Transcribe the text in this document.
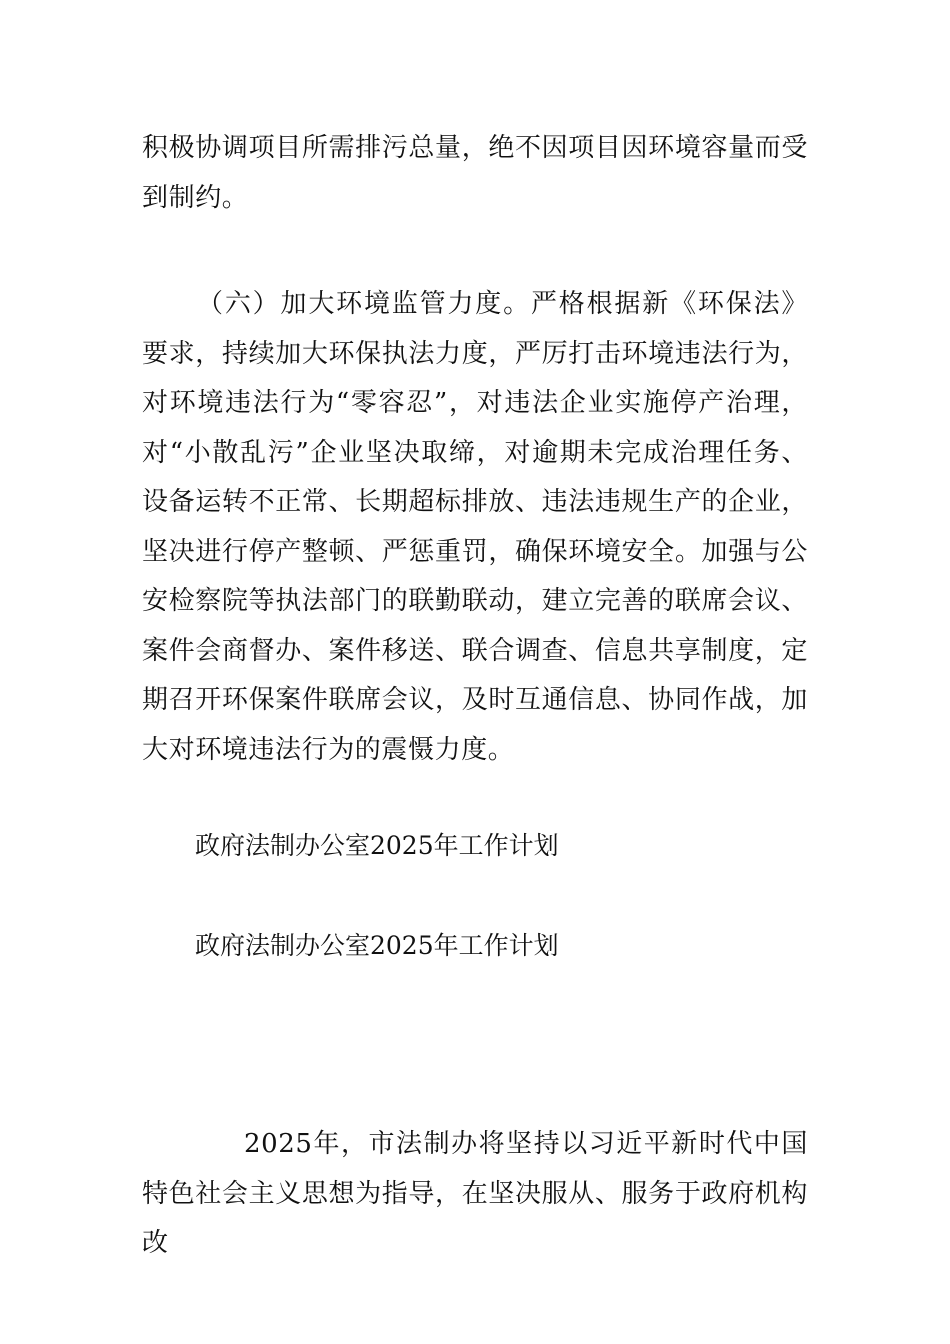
积极协调项目所需排污总量，绝不因项目因环境容量而受到制约。

（六）加大环境监管力度。严格根据新《环保法》要求，持续加大环保执法力度，严厉打击环境违法行为，对环境违法行为“零容忍”，对违法企业实施停产治理，对“小散乱污”企业坚决取缔，对逾期未完成治理任务、设备运转不正常、长期超标排放、违法违规生产的企业，坚决进行停产整顿、严惩重罚，确保环境安全。加强与公安检察院等执法部门的联勤联动，建立完善的联席会议、案件会商督办、案件移送、联合调查、信息共享制度，定期召开环保案件联席会议，及时互通信息、协同作战，加大对环境违法行为的震慑力度。

政府法制办公室2025年工作计划

政府法制办公室2025年工作计划

2025年，市法制办将坚持以习近平新时代中国特色社会主义思想为指导，在坚决服从、服务于政府机构改
